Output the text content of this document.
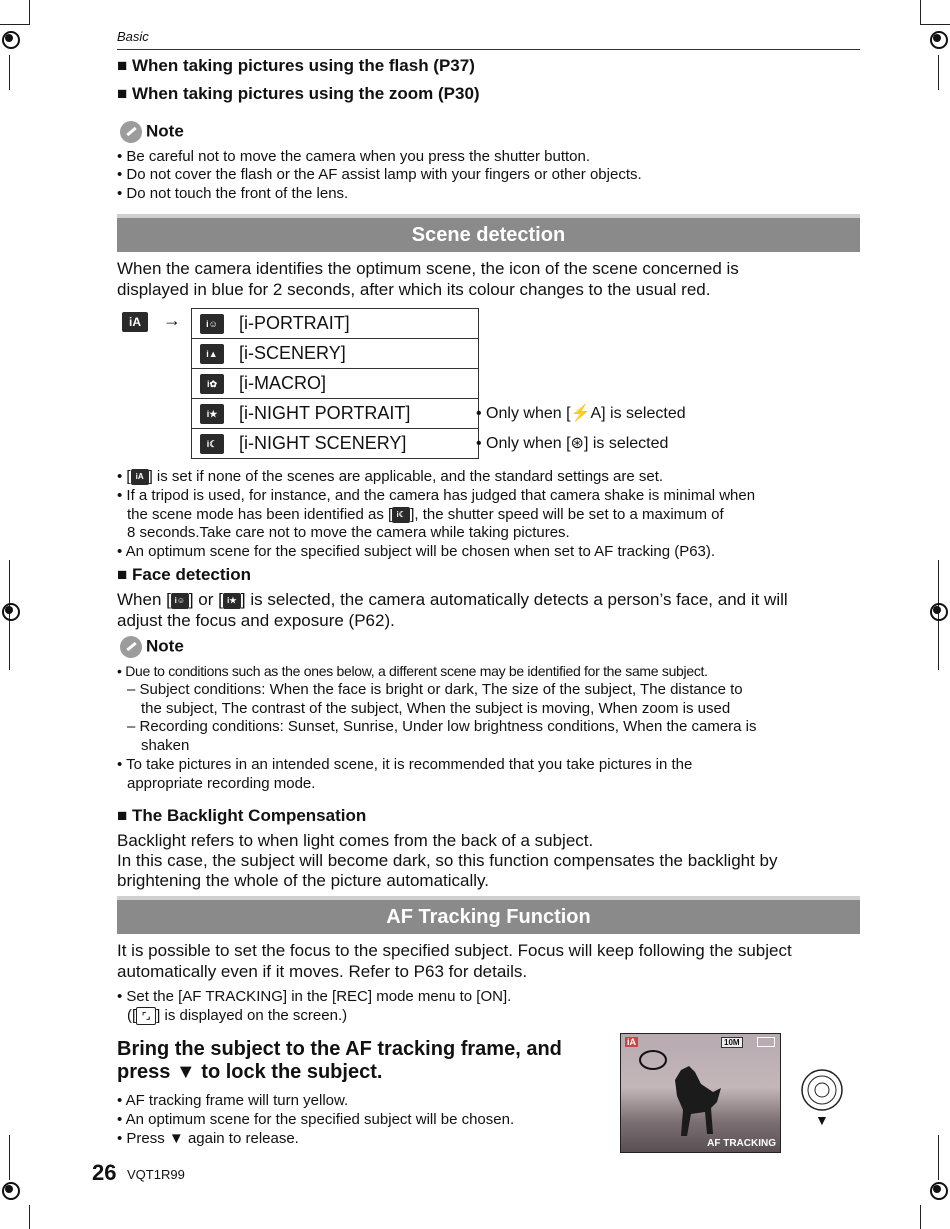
Basic
■ When taking pictures using the flash (P37)
■ When taking pictures using the zoom (P30)
Note
• Be careful not to move the camera when you press the shutter button.
• Do not cover the flash or the AF assist lamp with your fingers or other objects.
• Do not touch the front of the lens.
Scene detection
When the camera identifies the optimum scene, the icon of the scene concerned is
displayed in blue for 2 seconds, after which its colour changes to the usual red.
iA	→	i☺ [i-PORTRAIT]
i▲ [i-SCENERY]
i✿ [i-MACRO]
i★ [i-NIGHT PORTRAIT]
i☾ [i-NIGHT SCENERY]
• Only when [⚡A] is selected
• Only when [⊛] is selected
• [ iA ] is set if none of the scenes are applicable, and the standard settings are set.
• If a tripod is used, for instance, and the camera has judged that camera shake is minimal when
the scene mode has been identified as [ i☾ ], the shutter speed will be set to a maximum of
8 seconds.Take care not to move the camera while taking pictures.
• An optimum scene for the specified subject will be chosen when set to AF tracking (P63).
■ Face detection
When [ i☺ ] or [ i★ ] is selected, the camera automatically detects a person’s face, and it will
adjust the focus and exposure (P62).
Note
• Due to conditions such as the ones below, a different scene may be identified for the same subject.
– Subject conditions: When the face is bright or dark, The size of the subject, The distance to
the subject, The contrast of the subject, When the subject is moving, When zoom is used
– Recording conditions: Sunset, Sunrise, Under low brightness conditions, When the camera is
shaken
• To take pictures in an intended scene, it is recommended that you take pictures in the
appropriate recording mode.
■ The Backlight Compensation
Backlight refers to when light comes from the back of a subject.
In this case, the subject will become dark, so this function compensates the backlight by
brightening the whole of the picture automatically.
AF Tracking Function
It is possible to set the focus to the specified subject. Focus will keep following the subject
automatically even if it moves. Refer to P63 for details.
• Set the [AF TRACKING] in the [REC] mode menu to [ON].
([ ⌜⌟ ] is displayed on the screen.)
Bring the subject to the AF tracking frame, and
press ▼ to lock the subject.
• AF tracking frame will turn yellow.
• An optimum scene for the specified subject will be chosen.
• Press ▼ again to release.
iA	10M
AF TRACKING
▼
26 VQT1R99
